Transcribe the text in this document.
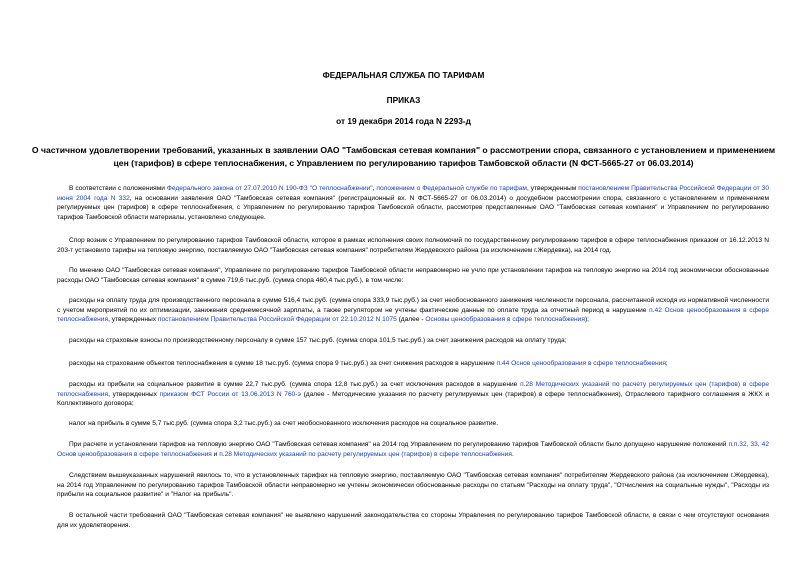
ФЕДЕРАЛЬНАЯ СЛУЖБА ПО ТАРИФАМ
ПРИКАЗ
от 19 декабря 2014 года N 2293-д
О частичном удовлетворении требований, указанных в заявлении ОАО "Тамбовская сетевая компания" о рассмотрении спора, связанного с установлением и применением цен (тарифов) в сфере теплоснабжения, с Управлением по регулированию тарифов Тамбовской области (N ФСТ-5665-27 от 06.03.2014)
В соответствии с положениями Федерального закона от 27.07.2010 N 190-ФЗ "О теплоснабжении", положением о Федеральной службе по тарифам, утвержденным постановлением Правительства Российской Федерации от 30 июня 2004 года N 332, на основании заявления ОАО "Тамбовская сетевая компания" (регистрационный вх. N ФСТ-5665-27 от 06.03.2014) о досудебном рассмотрении спора, связанного с установлением и применением регулируемых цен (тарифов) в сфере теплоснабжения, с Управлением по регулированию тарифов Тамбовской области, рассмотрев представленные ОАО "Тамбовская сетевая компания" и Управлением по регулированию тарифов Тамбовской области материалы, установлено следующее.
Спор возник с Управлением по регулированию тарифов Тамбовской области, которое в рамках исполнения своих полномочий по государственному регулированию тарифов в сфере теплоснабжения приказом от 16.12.2013 N 203-т установило тарифы на тепловую энергию, поставляемую ОАО "Тамбовская сетевая компания" потребителям Жердевского района (за исключением г.Жердевка), на 2014 год.
По мнению ОАО "Тамбовская сетевая компания", Управление по регулированию тарифов Тамбовской области неправомерно не учло при установлении тарифов на тепловую энергию на 2014 год экономически обоснованные расходы ОАО "Тамбовская сетевая компания" в сумме 719,6 тыс.руб. (сумма спора 460,4 тыс.руб.), в том числе:
расходы на оплату труда для производственного персонала в сумме 516,4 тыс.руб. (сумма спора 333,9 тыс.руб.) за счет необоснованного занижения численности персонала, рассчитанной исходя из нормативной численности с учетом мероприятий по их оптимизации, занижения среднемесячной зарплаты, а также регулятором не учтены фактические данные по оплате труда за отчетный период в нарушение п.42 Основ ценообразования в сфере теплоснабжения, утвержденных постановлением Правительства Российской Федерации от 22.10.2012 N 1075 (далее - Основы ценообразования в сфере теплоснабжения);
расходы на страховые взносы по производственному персоналу в сумме 157 тыс.руб. (сумма спора 101,5 тыс.руб.) за счет занижения расходов на оплату труда;
расходы на страхование объектов теплоснабжения в сумме 18 тыс.руб. (сумма спора 9 тыс.руб.) за счет снижения расходов в нарушение п.44 Основ ценообразования в сфере теплоснабжения;
расходы из прибыли на социальное развитие в сумме 22,7 тыс.руб. (сумма спора 12,8 тыс.руб.) за счет исключения расходов в нарушение п.28 Методических указаний по расчету регулируемых цен (тарифов) в сфере теплоснабжения, утвержденных приказом ФСТ России от 13.06.2013 N 760-э (далее - Методические указания по расчету регулируемых цен (тарифов) в сфере теплоснабжения), Отраслевого тарифного соглашения в ЖКХ и Коллективного договора;
налог на прибыль в сумме 5,7 тыс.руб. (сумма спора 3,2 тыс.руб.) за счет необоснованного исключения расходов на социальное развитие.
При расчете и установлении тарифов на тепловую энергию ОАО "Тамбовская сетевая компания" на 2014 год Управлением по регулированию тарифов Тамбовской области было допущено нарушение положений п.п.32, 33, 42 Основ ценообразования в сфере теплоснабжения и п.28 Методических указаний по расчету регулируемых цен (тарифов) в сфере теплоснабжения.
Следствием вышеуказанных нарушений явилось то, что в установленных тарифах на тепловую энергию, поставляемую ОАО "Тамбовская сетевая компания" потребителям Жердевского района (за исключением г.Жердевка), на 2014 год Управлением по регулированию тарифов Тамбовской области неправомерно не учтены экономически обоснованные расходы по статьям "Расходы на оплату труда", "Отчисления на социальные нужды", "Расходы из прибыли на социальное развитие" и "Налог на прибыль".
В остальной части требований ОАО "Тамбовская сетевая компания" не выявлено нарушений законодательства со стороны Управления по регулированию тарифов Тамбовской области, в связи с чем отсутствуют основания для их удовлетворения.
